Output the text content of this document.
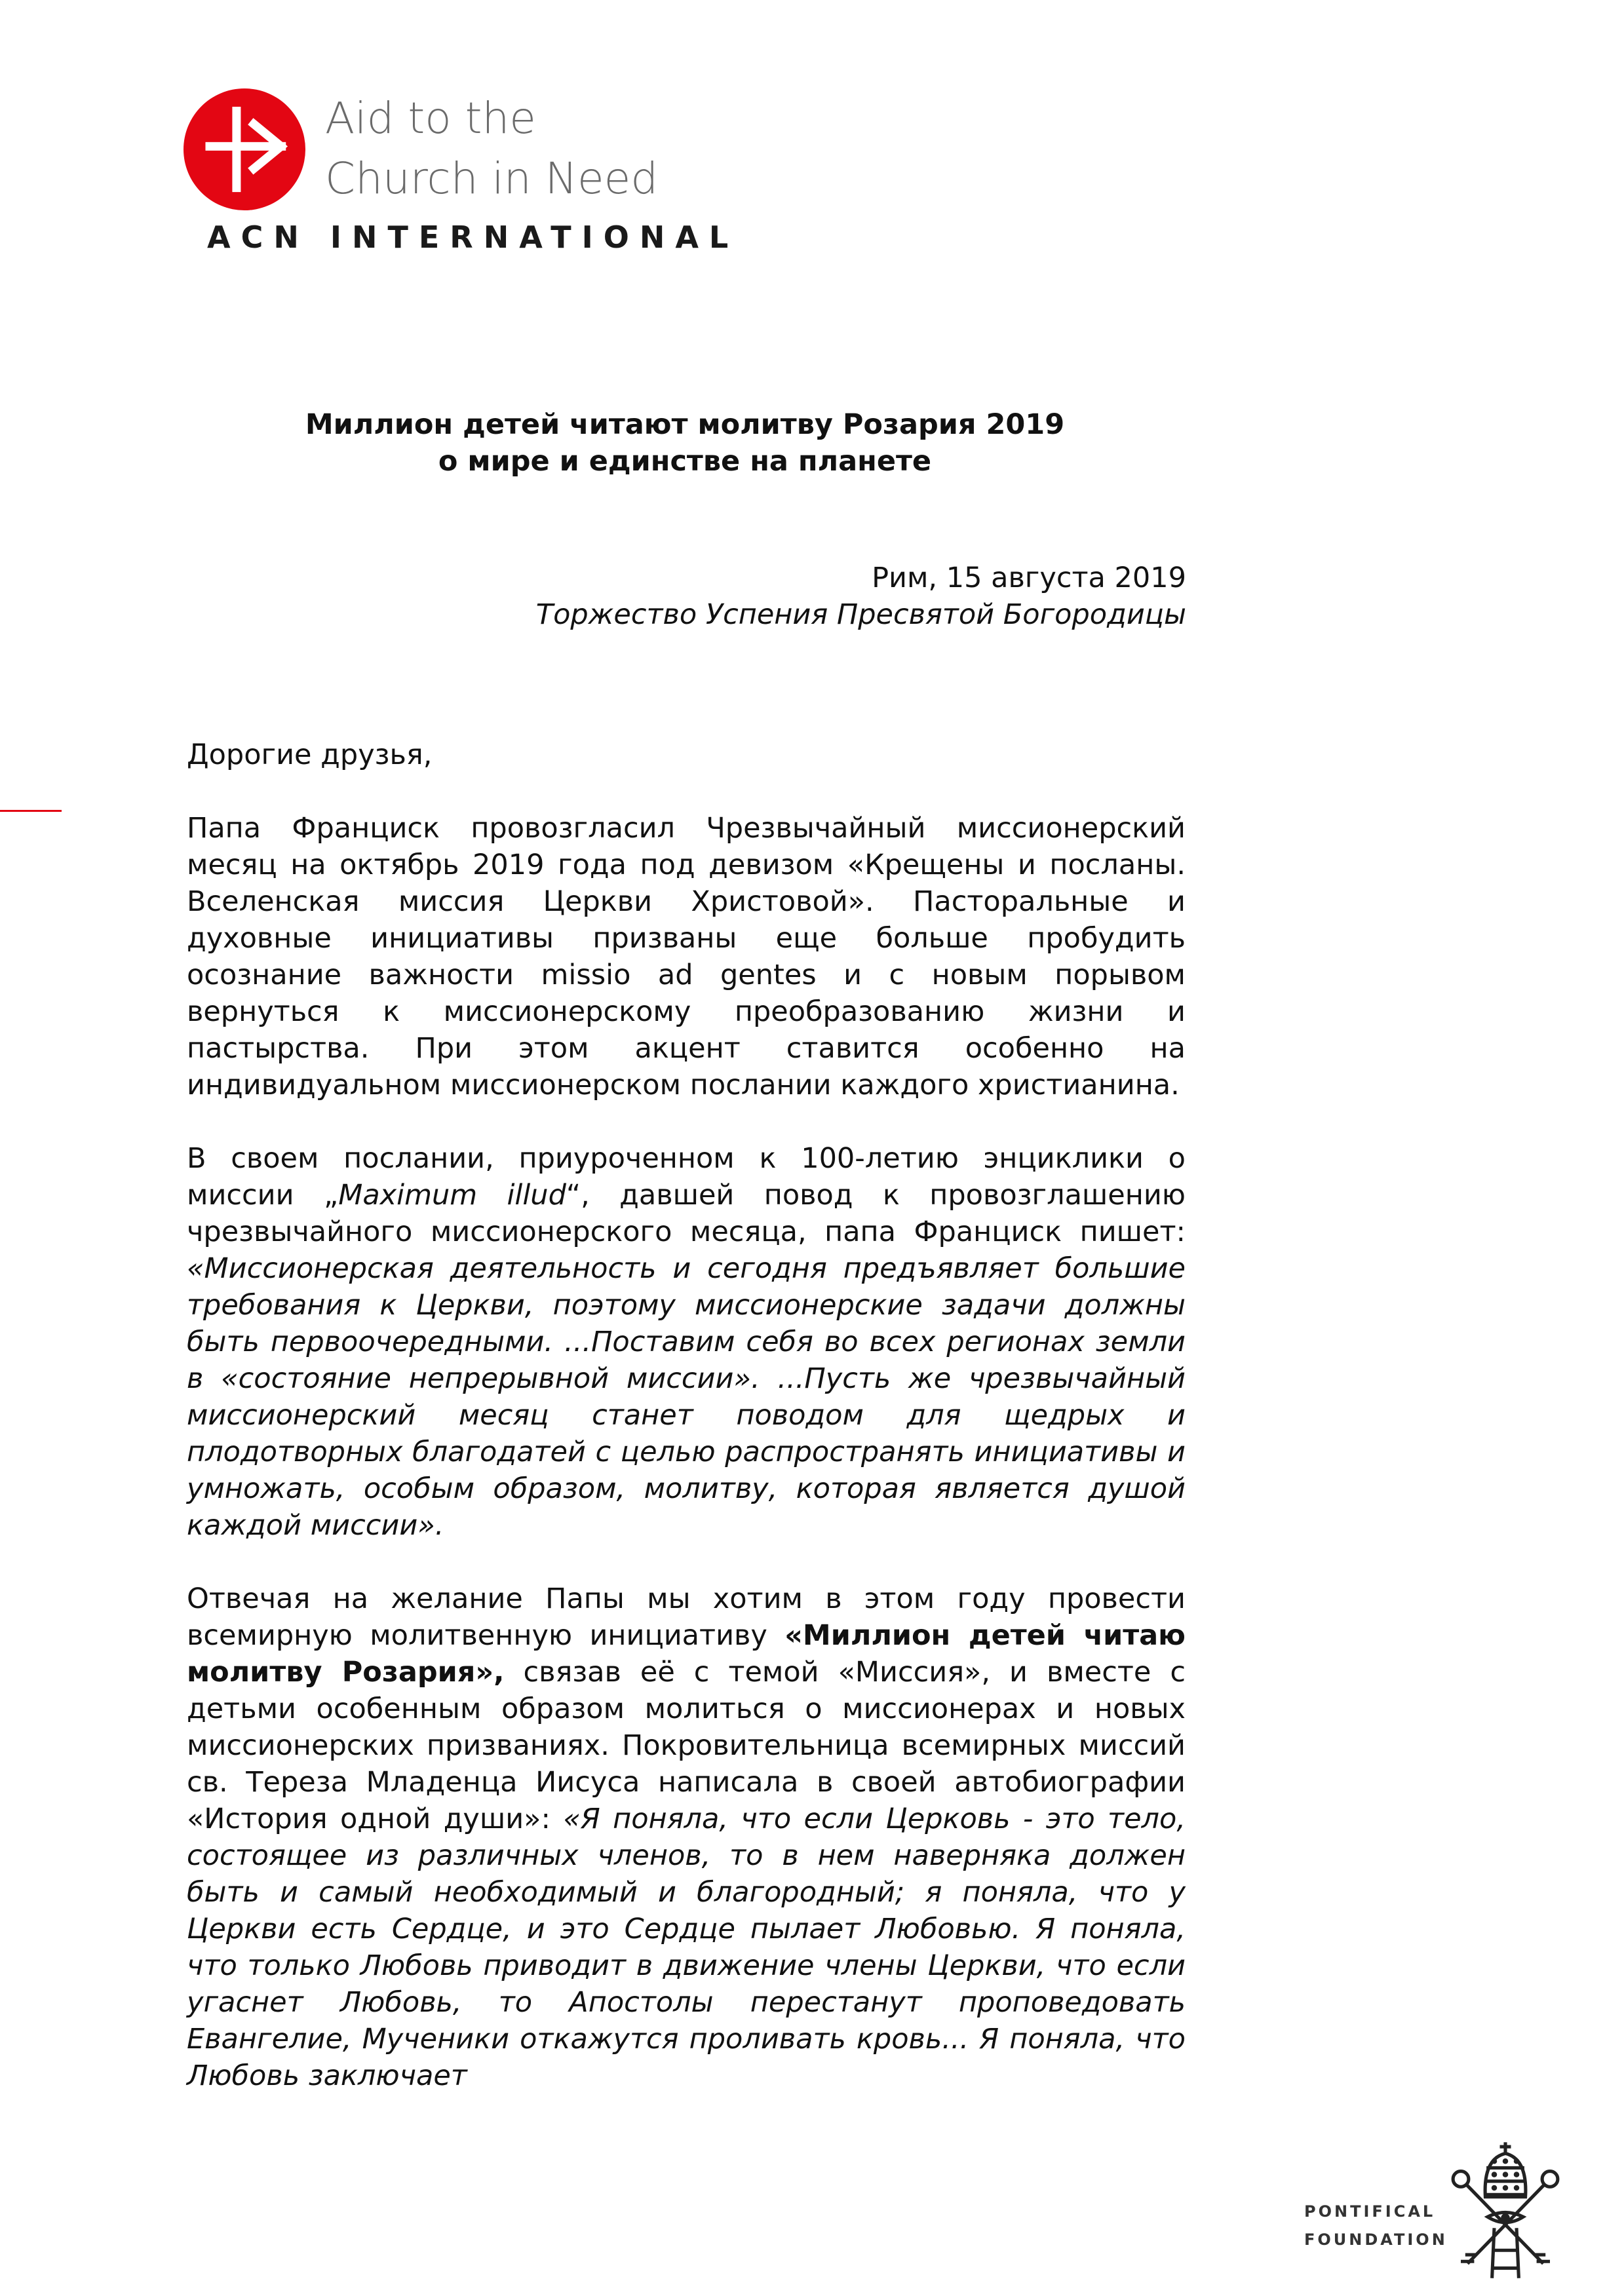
Aid to the
Church in Need
ACN INTERNATIONAL
Миллион детей читают молитву Розария 2019
о мире и единстве на планете
Рим, 15 августа 2019
Торжество Успения Пресвятой Богородицы

Дорогие друзья,

Папа Франциск провозгласил Чрезвычайный миссионерский месяц на октябрь 2019 года под девизом «Крещены и посланы. Вселенская миссия Церкви Христовой». Пасторальные и духовные инициативы призваны еще больше пробудить осознание важности missio ad gentes и с новым порывом вернуться к миссионерскому преобразованию жизни и пастырства. При этом акцент ставится особенно на индивидуальном миссионерском послании каждого христианина.

В своем послании, приуроченном к 100-летию энциклики о миссии „Maximum illud“, давшей повод к провозглашению чрезвычайного миссионерского месяца, папа Франциск пишет: «Миссионерская деятельность и сегодня предъявляет большие требования к Церкви, поэтому миссионерские задачи должны быть первоочередными. ...Поставим себя во всех регионах земли в «состояние непрерывной миссии». ...Пусть же чрезвычайный миссионерский месяц станет поводом для щедрых и плодотворных благодатей с целью распространять инициативы и умножать, особым образом, молитву, которая является душой каждой миссии».

Отвечая на желание Папы мы хотим в этом году провести всемирную молитвенную инициативу «Миллион детей читаю молитву Розария», связав её с темой «Миссия», и вместе с детьми особенным образом молиться о миссионерах и новых миссионерских призваниях. Покровительница всемирных миссий св. Тереза Младенца Иисуса написала в своей автобиографии «История одной души»: «Я поняла, что если Церковь - это тело, состоящее из различных членов, то в нем наверняка должен быть и самый необходимый и благородный; я поняла, что у Церкви есть Сердце, и это Сердце пылает Любовью. Я поняла, что только Любовь приводит в движение члены Церкви, что если угаснет Любовь, то Апостолы перестанут проповедовать Евангелие, Мученики откажутся проливать кровь... Я поняла, что Любовь заключает

PONTIFICAL
FOUNDATION
